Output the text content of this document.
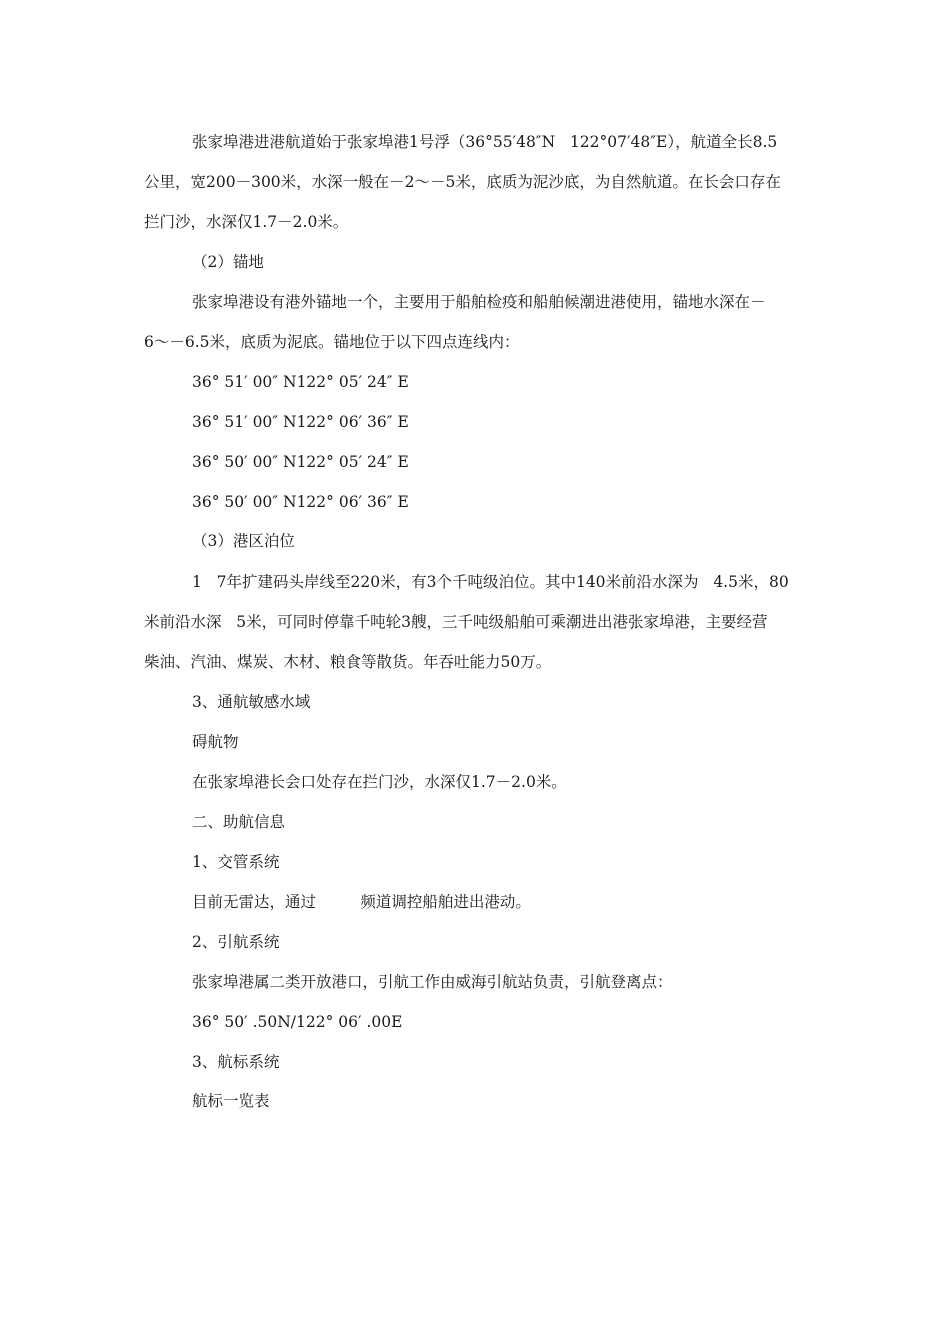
张家埠港进港航道始于张家埠港1号浮（36°55′48″N   122°07′48″E），航道全长8.5

公里，宽200－300米，水深一般在－2～－5米，底质为泥沙底，为自然航道。在长会口存在

拦门沙，水深仅1.7－2.0米。

（2）锚地

张家埠港设有港外锚地一个，主要用于船舶检疫和船舶候潮进港使用，锚地水深在－

6～－6.5米，底质为泥底。锚地位于以下四点连线内：

36° 51′ 00″ N122° 05′ 24″ E

36° 51′ 00″ N122° 06′ 36″ E

36° 50′ 00″ N122° 05′ 24″ E

36° 50′ 00″ N122° 06′ 36″ E

（3）港区泊位

1   7年扩建码头岸线至220米，有3个千吨级泊位。其中140米前沿水深为   4.5米，80

米前沿水深   5米，可同时停靠千吨轮3艘，三千吨级船舶可乘潮进出港张家埠港，主要经营

柴油、汽油、煤炭、木材、粮食等散货。年吞吐能力50万。

3、通航敏感水域

碍航物

在张家埠港长会口处存在拦门沙，水深仅1.7－2.0米。

二、助航信息

1、交管系统

目前无雷达，通过         频道调控船舶进出港动。

2、引航系统

张家埠港属二类开放港口，引航工作由威海引航站负责，引航登离点：

36° 50′ .50N/122° 06′ .00E

3、航标系统

航标一览表
